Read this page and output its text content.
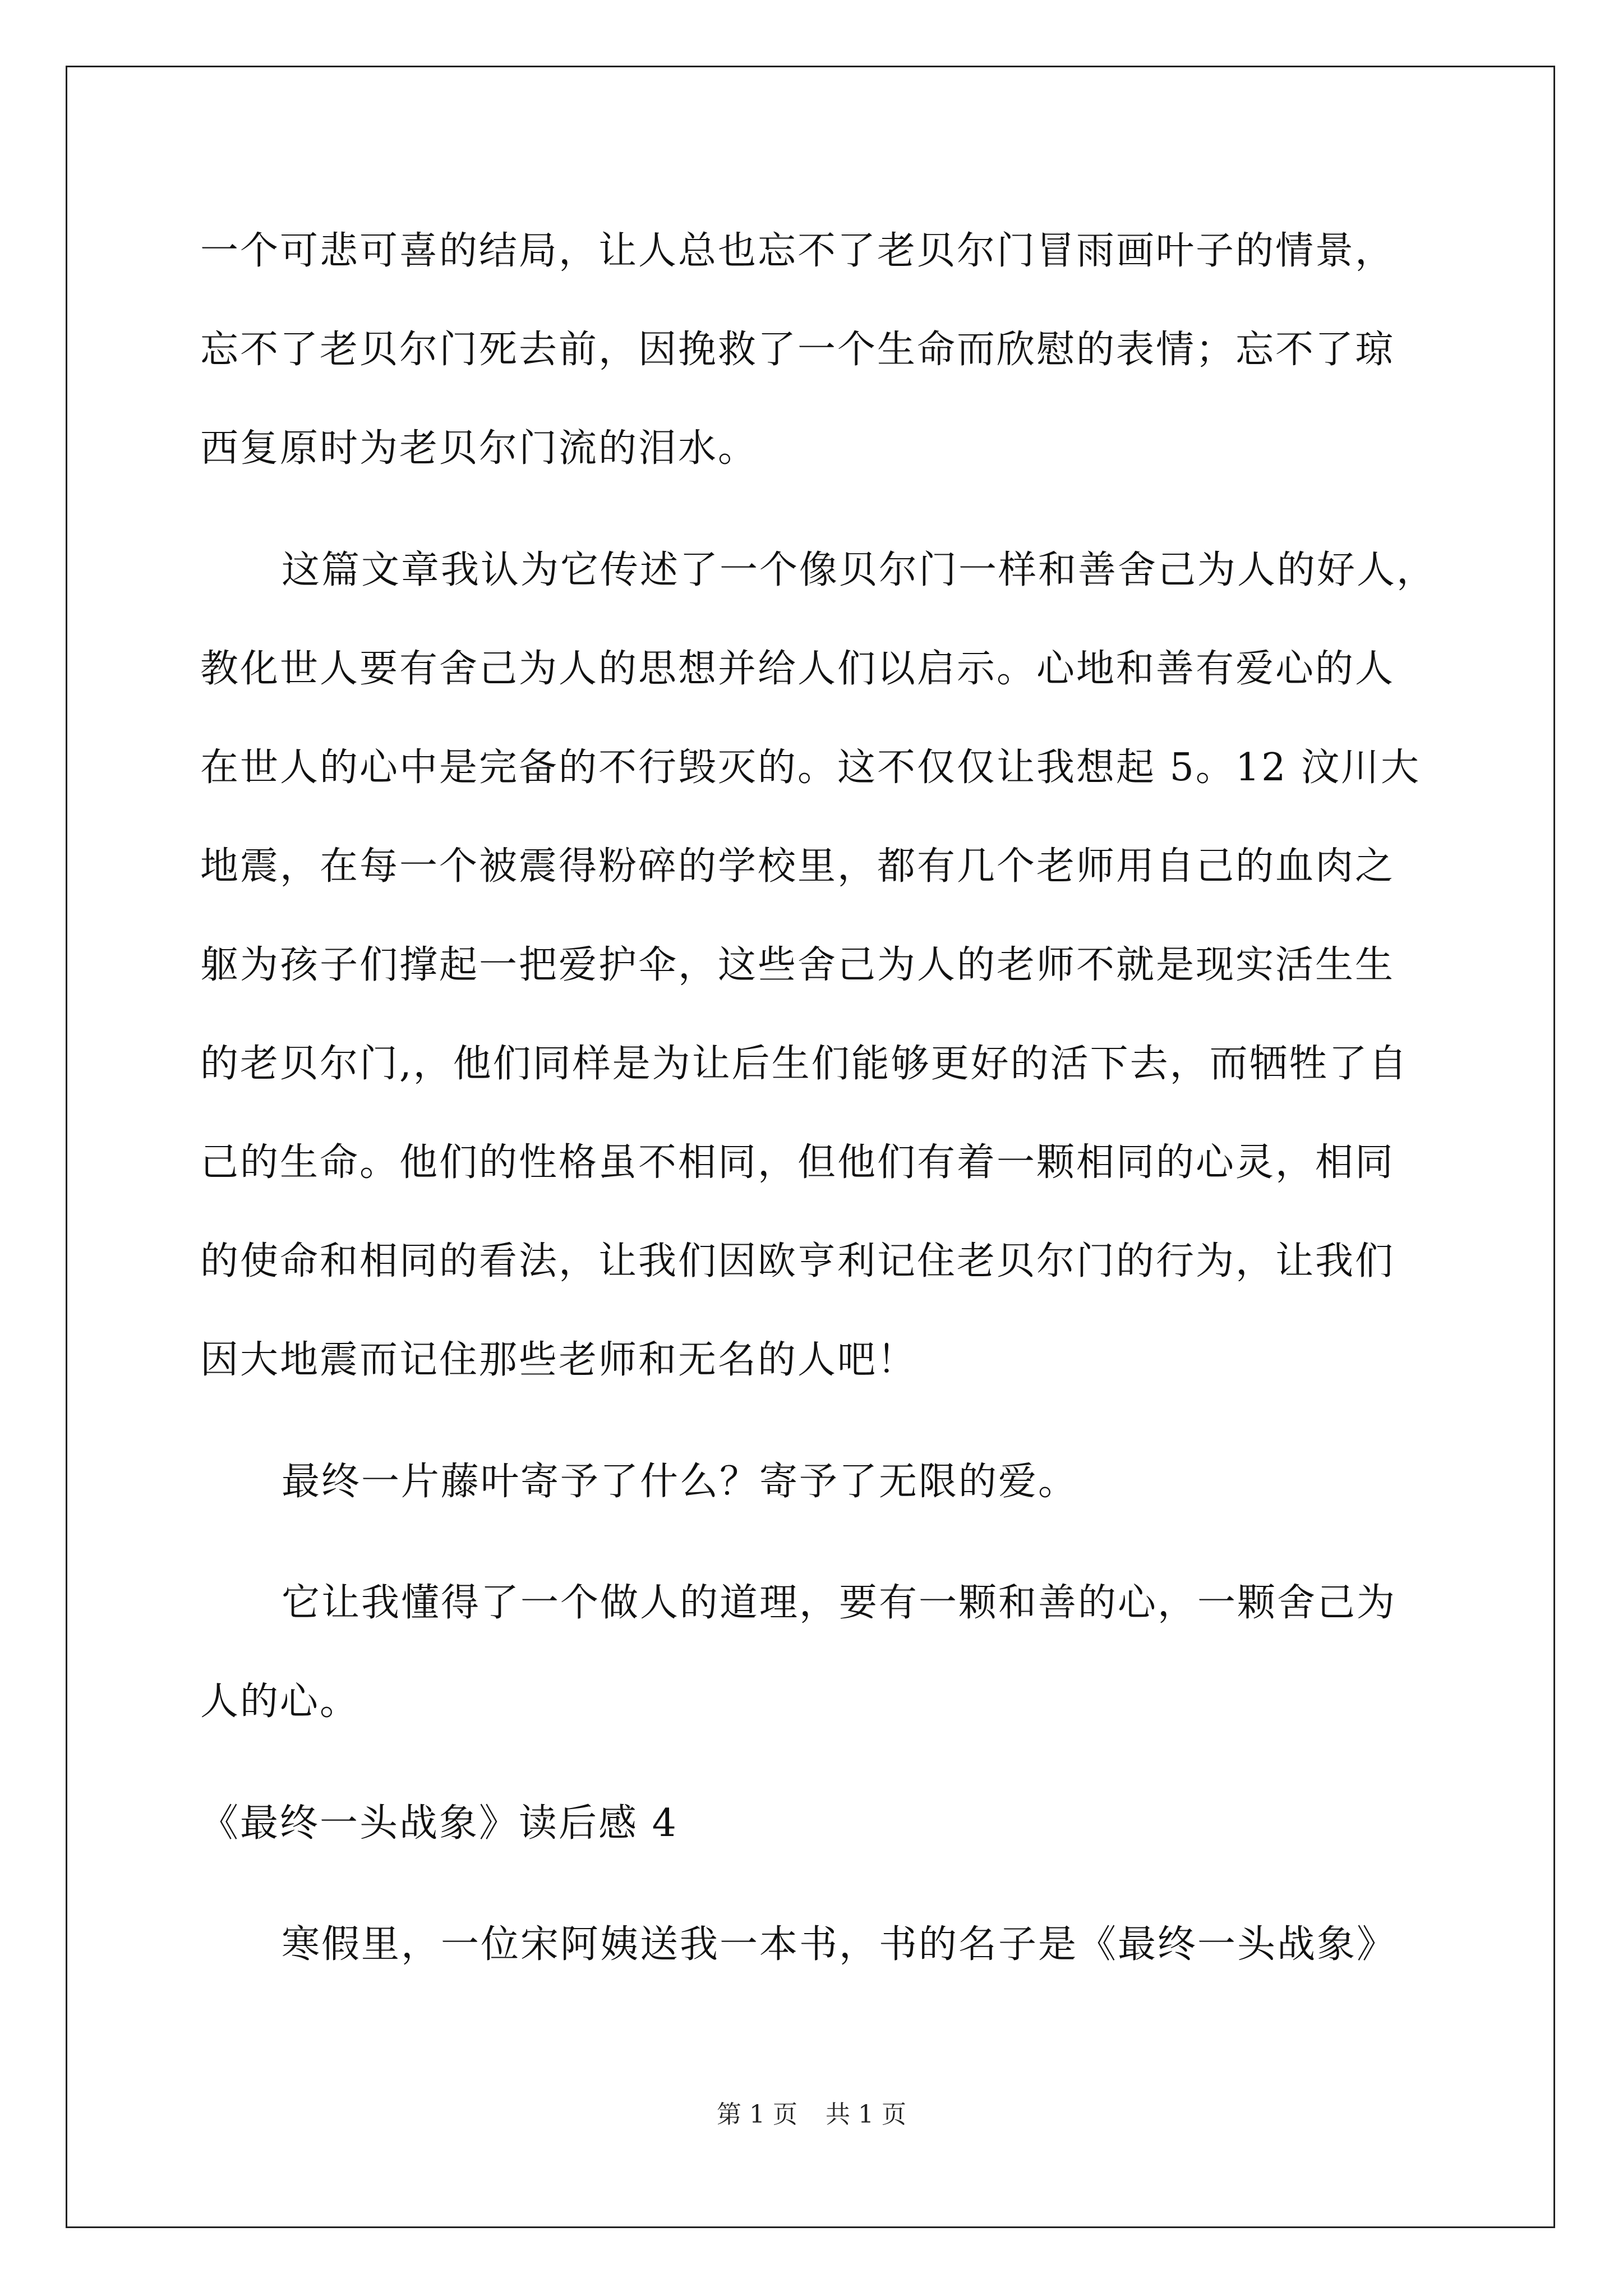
一个可悲可喜的结局，让人总也忘不了老贝尔门冒雨画叶子的情景，
忘不了老贝尔门死去前，因挽救了一个生命而欣慰的表情；忘不了琼
西复原时为老贝尔门流的泪水。
这篇文章我认为它传述了一个像贝尔门一样和善舍己为人的好人，
教化世人要有舍己为人的思想并给人们以启示。心地和善有爱心的人
在世人的心中是完备的不行毁灭的。这不仅仅让我想起 5。12 汶川大
地震，在每一个被震得粉碎的学校里，都有几个老师用自己的血肉之
躯为孩子们撑起一把爱护伞，这些舍己为人的老师不就是现实活生生
的老贝尔门,，他们同样是为让后生们能够更好的活下去，而牺牲了自
己的生命。他们的性格虽不相同，但他们有着一颗相同的心灵，相同
的使命和相同的看法，让我们因欧亨利记住老贝尔门的行为，让我们
因大地震而记住那些老师和无名的人吧！
最终一片藤叶寄予了什么？寄予了无限的爱。
它让我懂得了一个做人的道理，要有一颗和善的心，一颗舍己为
人的心。
《最终一头战象》读后感 4
寒假里，一位宋阿姨送我一本书，书的名子是《最终一头战象》
第 1 页 共 1 页
